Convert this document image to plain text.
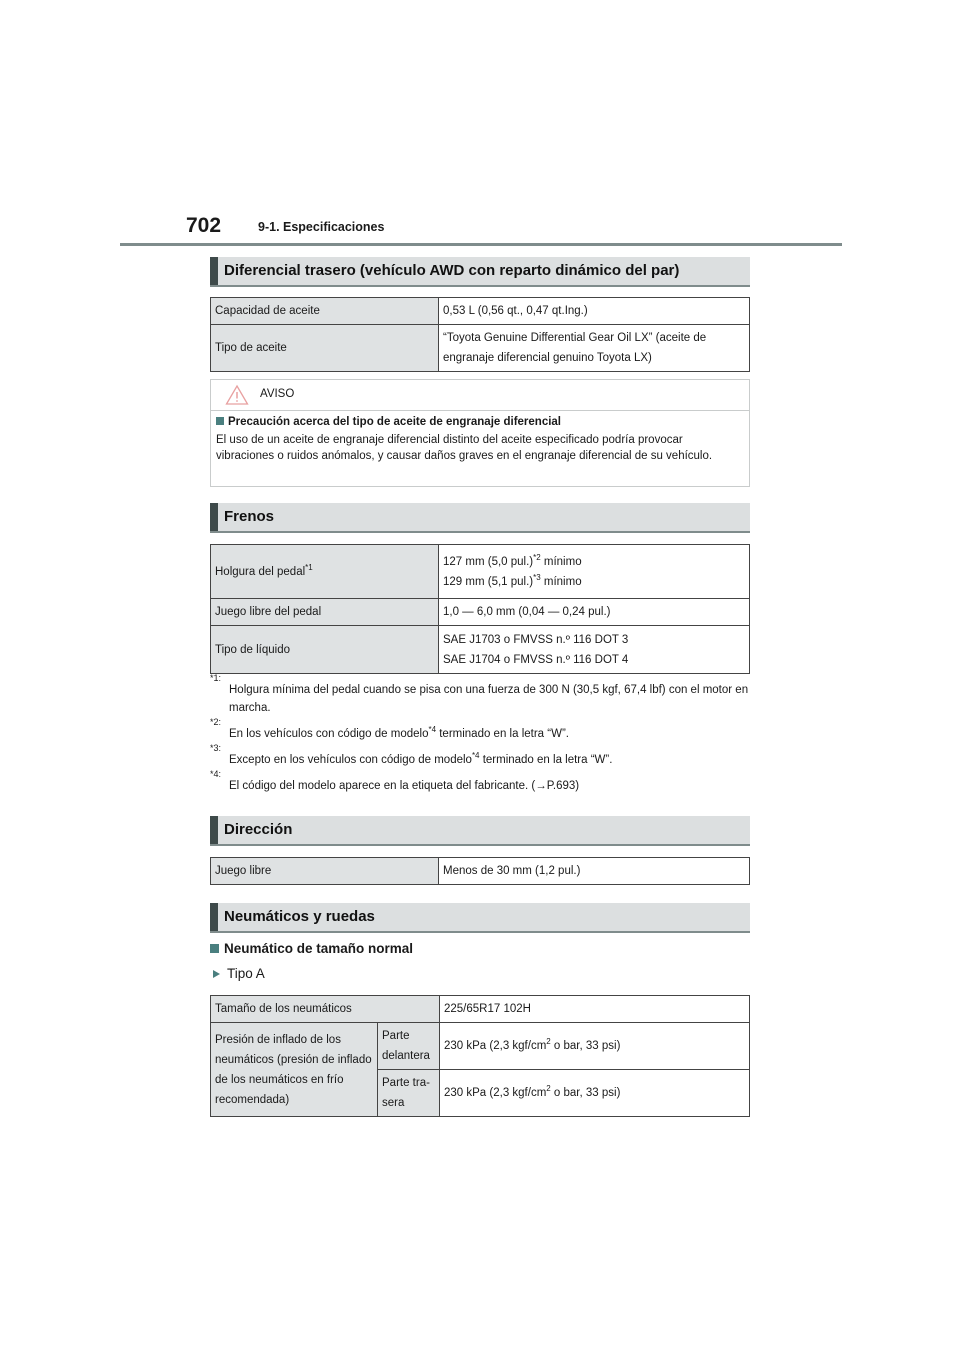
702	9-1. Especificaciones
Diferencial trasero (vehículo AWD con reparto dinámico del par)
Capacidad de aceite	0,53 L (0,56 qt., 0,47 qt.Ing.)
Tipo de aceite	“Toyota Genuine Differential Gear Oil LX” (aceite de
engranaje diferencial genuino Toyota LX)
AVISO
Precaución acerca del tipo de aceite de engranaje diferencial
El uso de un aceite de engranaje diferencial distinto del aceite especificado podría provocar vibraciones o ruidos anómalos, y causar daños graves en el engranaje diferencial de su vehículo.
Frenos
Holgura del pedal$^{*1}$	127 mm (5,0 pul.)$^{*2}$ mínimo
129 mm (5,1 pul.)$^{*3}$ mínimo

Juego libre del pedal	1,0 — 6,0 mm (0,04 — 0,24 pul.)
Tipo de líquido	SAE J1703 o FMVSS n.º 116 DOT 3
SAE J1704 o FMVSS n.º 116 DOT 4
*1:
Holgura mínima del pedal cuando se pisa con una fuerza de 300 N (30,5 kgf, 67,4 lbf) con el motor en marcha.
*2:
En los vehículos con código de modelo$^{*4}$ terminado en la letra “W”.
*3:
Excepto en los vehículos con código de modelo$^{*4}$ terminado en la letra “W”.
*4:
El código del modelo aparece en la etiqueta del fabricante. (→P.693)
Dirección
Juego libre	Menos de 30 mm (1,2 pul.)
Neumáticos y ruedas
Neumático de tamaño normal
Tipo A
Tamaño de los neumáticos		225/65R17 102H
Presión de inflado de los neumáticos (presión de inflado de los neumáticos en frío recomendada)	Parte delantera	230 kPa (2,3 kgf/$cm^2$ o bar, 33 psi)
	Parte tra-sera	230 kPa (2,3 kgf/$cm^2$ o bar, 33 psi)
